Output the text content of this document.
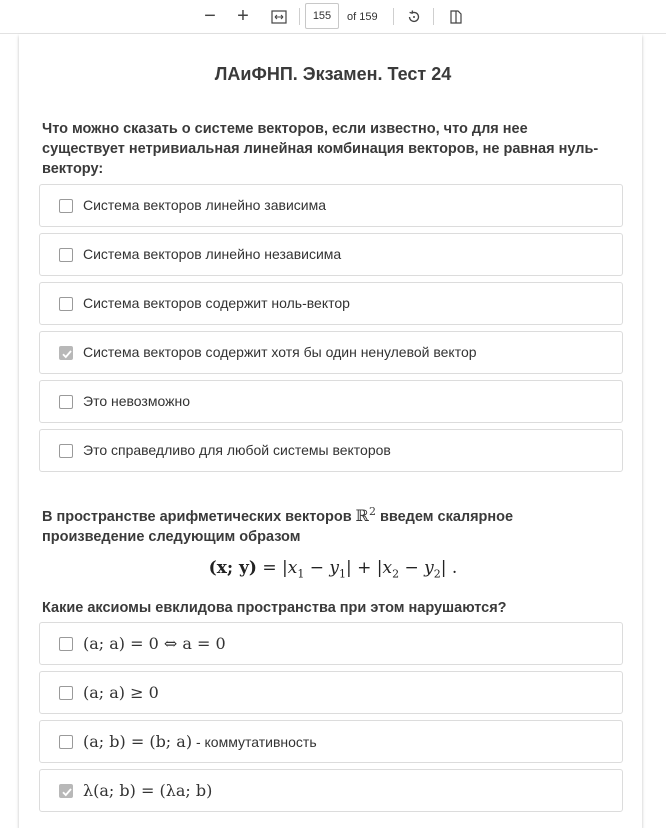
−	+
155	of 159
ЛАиФНП. Экзамен. Тест 24

Что можно сказать о системе векторов, если известно, что для нее существует нетривиальная линейная комбинация векторов, не равная нуль-вектору:

Система векторов линейно зависима
Система векторов линейно независима
Система векторов содержит ноль-вектор
Система векторов содержит хотя бы один ненулевой вектор
Это невозможно
Это справедливо для любой системы векторов

В пространстве арифметических векторов ℝ$^2$ введем скалярное произведение следующим образом

(x; $y) = |x_1 - y_1| + |x_2 - y_2|$ .

Какие аксиомы евклидова пространства при этом нарушаются?

(a; a) = 0 ⇔ a = 0
(a; a) ≥ 0
(a; b) = (b; a) - коммутативность
λ(a; b) = (λa; b)
